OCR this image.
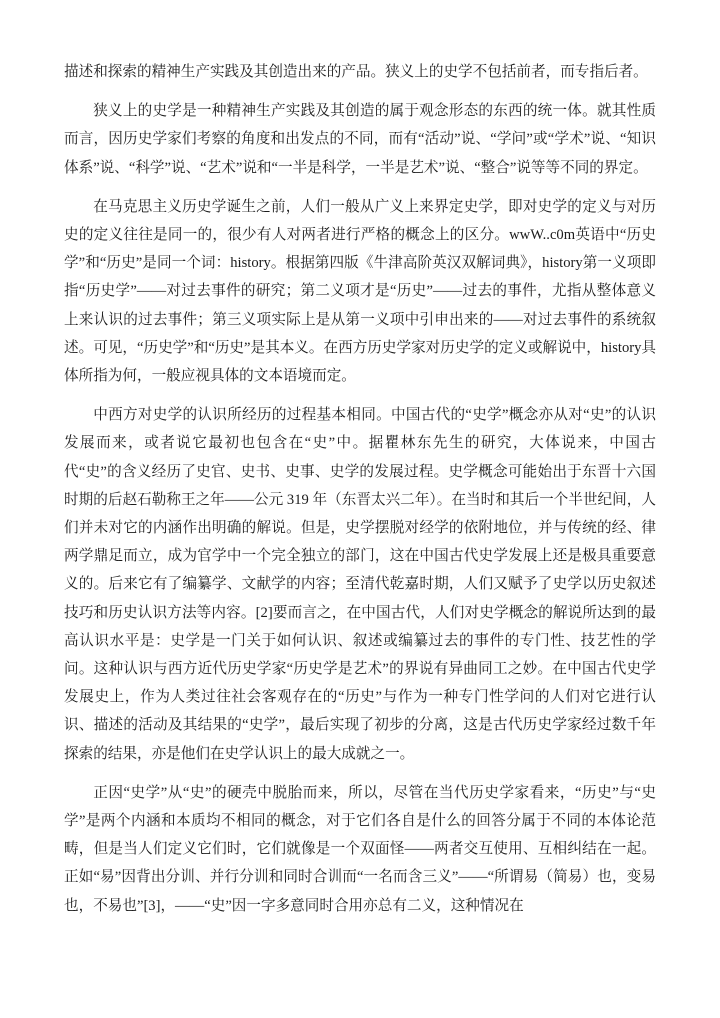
描述和探索的精神生产实践及其创造出来的产品。狭义上的史学不包括前者，而专指后者。

狭义上的史学是一种精神生产实践及其创造的属于观念形态的东西的统一体。就其性质而言，因历史学家们考察的角度和出发点的不同，而有“活动”说、“学问”或“学术”说、“知识体系”说、“科学”说、“艺术”说和“一半是科学，一半是艺术”说、“整合”说等等不同的界定。

在马克思主义历史学诞生之前，人们一般从广义上来界定史学，即对史学的定义与对历史的定义往往是同一的，很少有人对两者进行严格的概念上的区分。wwW..c0m英语中“历史学”和“历史”是同一个词：history。根据第四版《牛津高阶英汉双解词典》，history第一义项即指“历史学”——对过去事件的研究；第二义项才是“历史”——过去的事件，尤指从整体意义上来认识的过去事件；第三义项实际上是从第一义项中引申出来的——对过去事件的系统叙述。可见，“历史学”和“历史”是其本义。在西方历史学家对历史学的定义或解说中，history具体所指为何，一般应视具体的文本语境而定。

中西方对史学的认识所经历的过程基本相同。中国古代的“史学”概念亦从对“史”的认识发展而来，或者说它最初也包含在“史”中。据瞿林东先生的研究，大体说来，中国古代“史”的含义经历了史官、史书、史事、史学的发展过程。史学概念可能始出于东晋十六国时期的后赵石勒称王之年——公元 319 年（东晋太兴二年）。在当时和其后一个半世纪间，人们并未对它的内涵作出明确的解说。但是，史学摆脱对经学的依附地位，并与传统的经、律两学鼎足而立，成为官学中一个完全独立的部门，这在中国古代史学发展上还是极具重要意义的。后来它有了编纂学、文献学的内容；至清代乾嘉时期，人们又赋予了史学以历史叙述技巧和历史认识方法等内容。[2]要而言之，在中国古代，人们对史学概念的解说所达到的最高认识水平是：史学是一门关于如何认识、叙述或编纂过去的事件的专门性、技艺性的学问。这种认识与西方近代历史学家“历史学是艺术”的界说有异曲同工之妙。在中国古代史学发展史上，作为人类过往社会客观存在的“历史”与作为一种专门性学问的人们对它进行认识、描述的活动及其结果的“史学”，最后实现了初步的分离，这是古代历史学家经过数千年探索的结果，亦是他们在史学认识上的最大成就之一。

正因“史学”从“史”的硬壳中脱胎而来，所以，尽管在当代历史学家看来，“历史”与“史学”是两个内涵和本质均不相同的概念，对于它们各自是什么的回答分属于不同的本体论范畴，但是当人们定义它们时，它们就像是一个双面怪——两者交互使用、互相纠结在一起。正如“易”因背出分训、并行分训和同时合训而“一名而含三义”——“所谓易（简易）也，变易也，不易也”[3]，——“史”因一字多意同时合用亦总有二义，这种情况在
